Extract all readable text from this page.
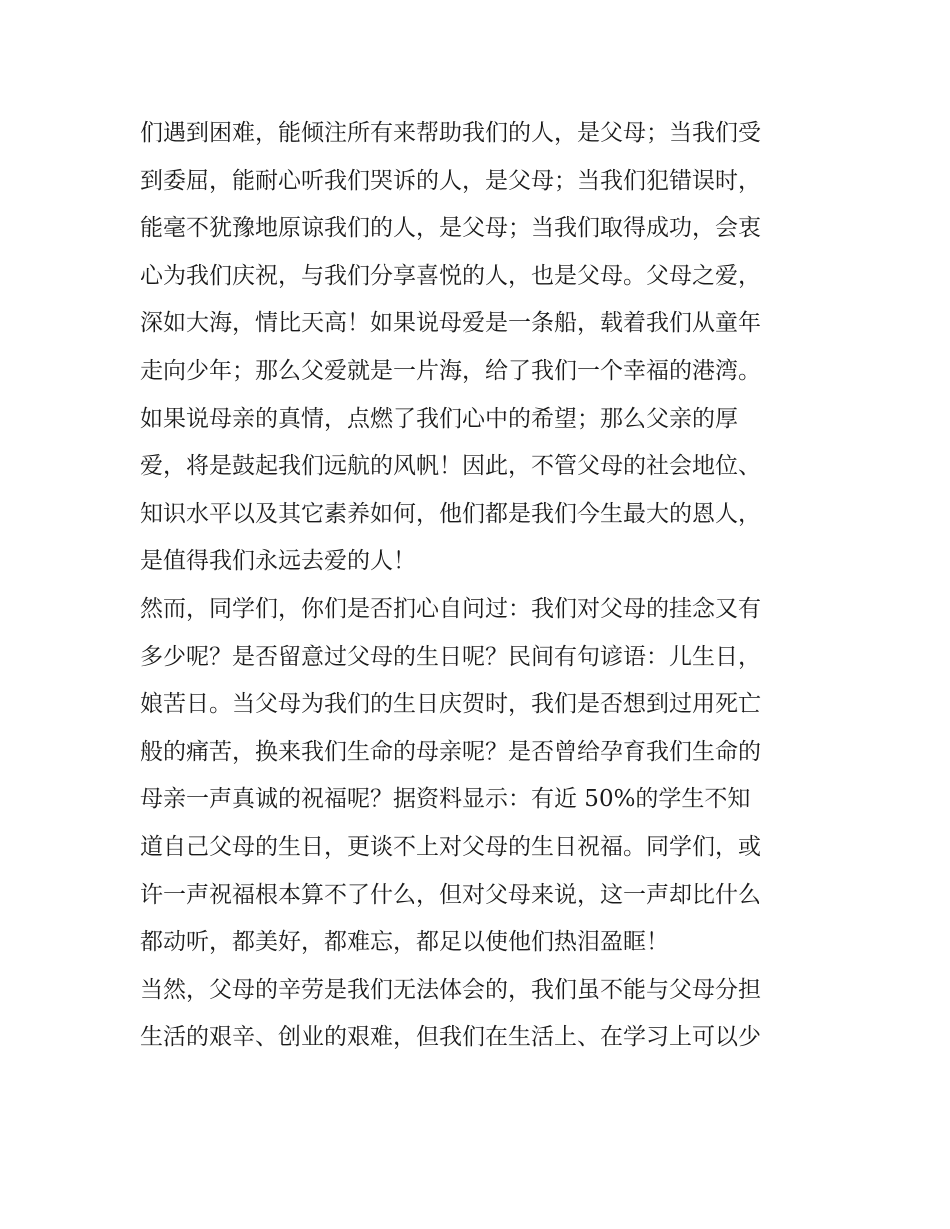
们遇到困难，能倾注所有来帮助我们的人，是父母；当我们受
到委屈，能耐心听我们哭诉的人，是父母；当我们犯错误时，
能毫不犹豫地原谅我们的人，是父母；当我们取得成功，会衷
心为我们庆祝，与我们分享喜悦的人，也是父母。父母之爱，
深如大海，情比天高！如果说母爱是一条船，载着我们从童年
走向少年；那么父爱就是一片海，给了我们一个幸福的港湾。
如果说母亲的真情，点燃了我们心中的希望；那么父亲的厚
爱，将是鼓起我们远航的风帆！因此，不管父母的社会地位、
知识水平以及其它素养如何，他们都是我们今生最大的恩人，
是值得我们永远去爱的人！
然而，同学们，你们是否扪心自问过：我们对父母的挂念又有
多少呢？是否留意过父母的生日呢？民间有句谚语：儿生日，
娘苦日。当父母为我们的生日庆贺时，我们是否想到过用死亡
般的痛苦，换来我们生命的母亲呢？是否曾给孕育我们生命的
母亲一声真诚的祝福呢？据资料显示：有近 50%的学生不知
道自己父母的生日，更谈不上对父母的生日祝福。同学们，或
许一声祝福根本算不了什么，但对父母来说，这一声却比什么
都动听，都美好，都难忘，都足以使他们热泪盈眶！
当然，父母的辛劳是我们无法体会的，我们虽不能与父母分担
生活的艰辛、创业的艰难，但我们在生活上、在学习上可以少
